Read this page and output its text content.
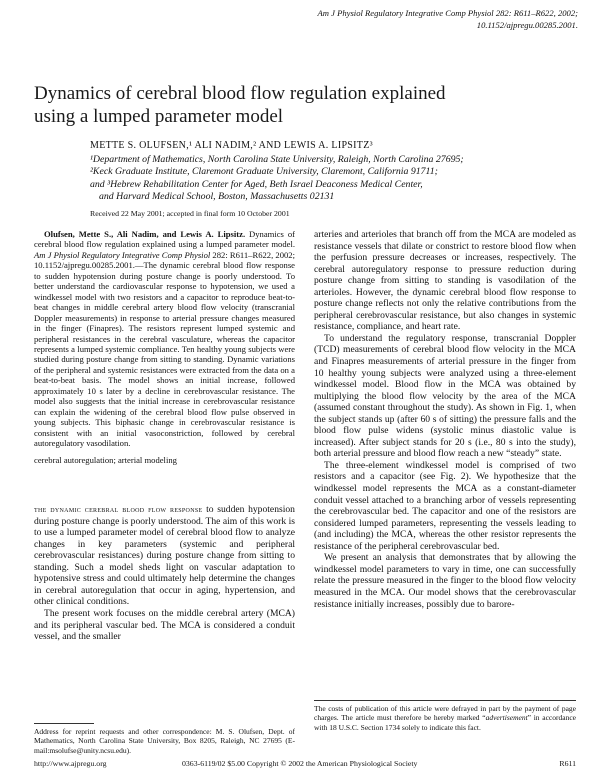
Am J Physiol Regulatory Integrative Comp Physiol 282: R611–R622, 2002;
10.1152/ajpregu.00285.2001.
Dynamics of cerebral blood flow regulation explained
using a lumped parameter model
METTE S. OLUFSEN,¹ ALI NADIM,² AND LEWIS A. LIPSITZ³
¹Department of Mathematics, North Carolina State University, Raleigh, North Carolina 27695;
²Keck Graduate Institute, Claremont Graduate University, Claremont, California 91711;
and ³Hebrew Rehabilitation Center for Aged, Beth Israel Deaconess Medical Center,
and Harvard Medical School, Boston, Massachusetts 02131
Received 22 May 2001; accepted in final form 10 October 2001

Olufsen, Mette S., Ali Nadim, and Lewis A. Lipsitz. Dynamics of cerebral blood flow regulation explained using a lumped parameter model. Am J Physiol Regulatory Integrative Comp Physiol 282: R611–R622, 2002; 10.1152/ajpregu.00285.2001.—The dynamic cerebral blood flow response to sudden hypotension during posture change is poorly understood. To better understand the cardiovascular response to hypotension, we used a windkessel model with two resistors and a capacitor to reproduce beat-to-beat changes in middle cerebral artery blood flow velocity (transcranial Doppler measurements) in response to arterial pressure changes measured in the finger (Finapres). The resistors represent lumped systemic and peripheral resistances in the cerebral vasculature, whereas the capacitor represents a lumped systemic compliance. Ten healthy young subjects were studied during posture change from sitting to standing. Dynamic variations of the peripheral and systemic resistances were extracted from the data on a beat-to-beat basis. The model shows an initial increase, followed approximately 10 s later by a decline in cerebrovascular resistance. The model also suggests that the initial increase in cerebrovascular resistance can explain the widening of the cerebral blood flow pulse observed in young subjects. This biphasic change in cerebrovascular resistance is consistent with an initial vasoconstriction, followed by cerebral autoregulatory vasodilation.

cerebral autoregulation; arterial modeling

the dynamic cerebral blood flow response to sudden hypotension during posture change is poorly understood. The aim of this work is to use a lumped parameter model of cerebral blood flow to analyze changes in key parameters (systemic and peripheral cerebrovascular resistances) during posture change from sitting to standing. Such a model sheds light on vascular adaptation to hypotensive stress and could ultimately help determine the changes in cerebral autoregulation that occur in aging, hypertension, and other clinical conditions.

The present work focuses on the middle cerebral artery (MCA) and its peripheral vascular bed. The MCA is considered a conduit vessel, and the smaller

arteries and arterioles that branch off from the MCA are modeled as resistance vessels that dilate or constrict to restore blood flow when the perfusion pressure decreases or increases, respectively. The cerebral autoregulatory response to pressure reduction during posture change from sitting to standing is vasodilation of the arterioles. However, the dynamic cerebral blood flow response to posture change reflects not only the relative contributions from the peripheral cerebrovascular resistance, but also changes in systemic resistance, compliance, and heart rate.

To understand the regulatory response, transcranial Doppler (TCD) measurements of cerebral blood flow velocity in the MCA and Finapres measurements of arterial pressure in the finger from 10 healthy young subjects were analyzed using a three-element windkessel model. Blood flow in the MCA was obtained by multiplying the blood flow velocity by the area of the MCA (assumed constant throughout the study). As shown in Fig. 1, when the subject stands up (after 60 s of sitting) the pressure falls and the blood flow pulse widens (systolic minus diastolic value is increased). After subject stands for 20 s (i.e., 80 s into the study), both arterial pressure and blood flow reach a new “steady” state.

The three-element windkessel model is comprised of two resistors and a capacitor (see Fig. 2). We hypothesize that the windkessel model represents the MCA as a constant-diameter conduit vessel attached to a branching arbor of vessels representing the cerebrovascular bed. The capacitor and one of the resistors are considered lumped parameters, representing the vessels leading to (and including) the MCA, whereas the other resistor represents the resistance of the peripheral cerebrovascular bed.

We present an analysis that demonstrates that by allowing the windkessel model parameters to vary in time, one can successfully relate the pressure measured in the finger to the blood flow velocity measured in the MCA. Our model shows that the cerebrovascular resistance initially increases, possibly due to barore-

Address for reprint requests and other correspondence: M. S. Olufsen, Dept. of Mathematics, North Carolina State University, Box 8205, Raleigh, NC 27695 (E-mail:msolufse@unity.ncsu.edu).
The costs of publication of this article were defrayed in part by the payment of page charges. The article must therefore be hereby marked “advertisement” in accordance with 18 U.S.C. Section 1734 solely to indicate this fact.
http://www.ajpregu.org	0363-6119/02 $5.00 Copyright © 2002 the American Physiological Society	R611
